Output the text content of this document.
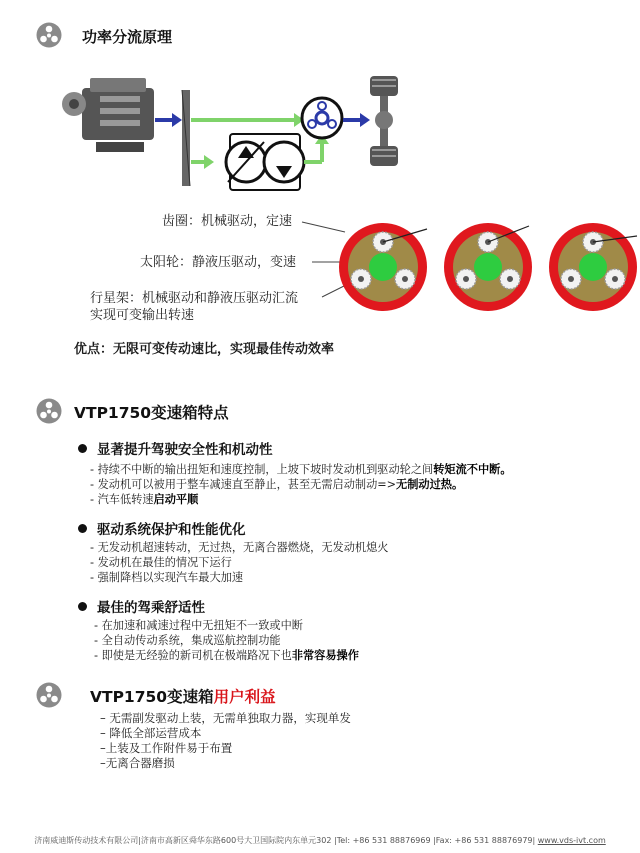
功率分流原理
齿圈：机械驱动，定速
太阳轮：静液压驱动，变速
行星架：机械驱动和静液压驱动汇流
实现可变输出转速
优点：无限可变传动速比，实现最佳传动效率
VTP1750变速箱特点
显著提升驾驶安全性和机动性
- 持续不中断的输出扭矩和速度控制，上坡下坡时发动机到驱动轮之间转矩流不中断。
- 发动机可以被用于整车减速直至静止，甚至无需启动制动=>无制动过热。
- 汽车低转速启动平顺
驱动系统保护和性能优化
- 无发动机超速转动，无过热，无离合器燃烧，无发动机熄火
- 发动机在最佳的情况下运行
- 强制降档以实现汽车最大加速
最佳的驾乘舒适性
- 在加速和减速过程中无扭矩不一致或中断
- 全自动传动系统，集成巡航控制功能
- 即使是无经验的新司机在极端路况下也非常容易操作
VTP1750变速箱用户利益
– 无需副发驱动上装，无需单独取力器，实现单发
– 降低全部运营成本
–上装及工作附件易于布置
–无离合器磨损
济南威迪斯传动技术有限公司|济南市高新区舜华东路600号大卫国际院内东单元302 |Tel: +86 531 88876969 |Fax: +86 531 88876979| www.vds-ivt.com
